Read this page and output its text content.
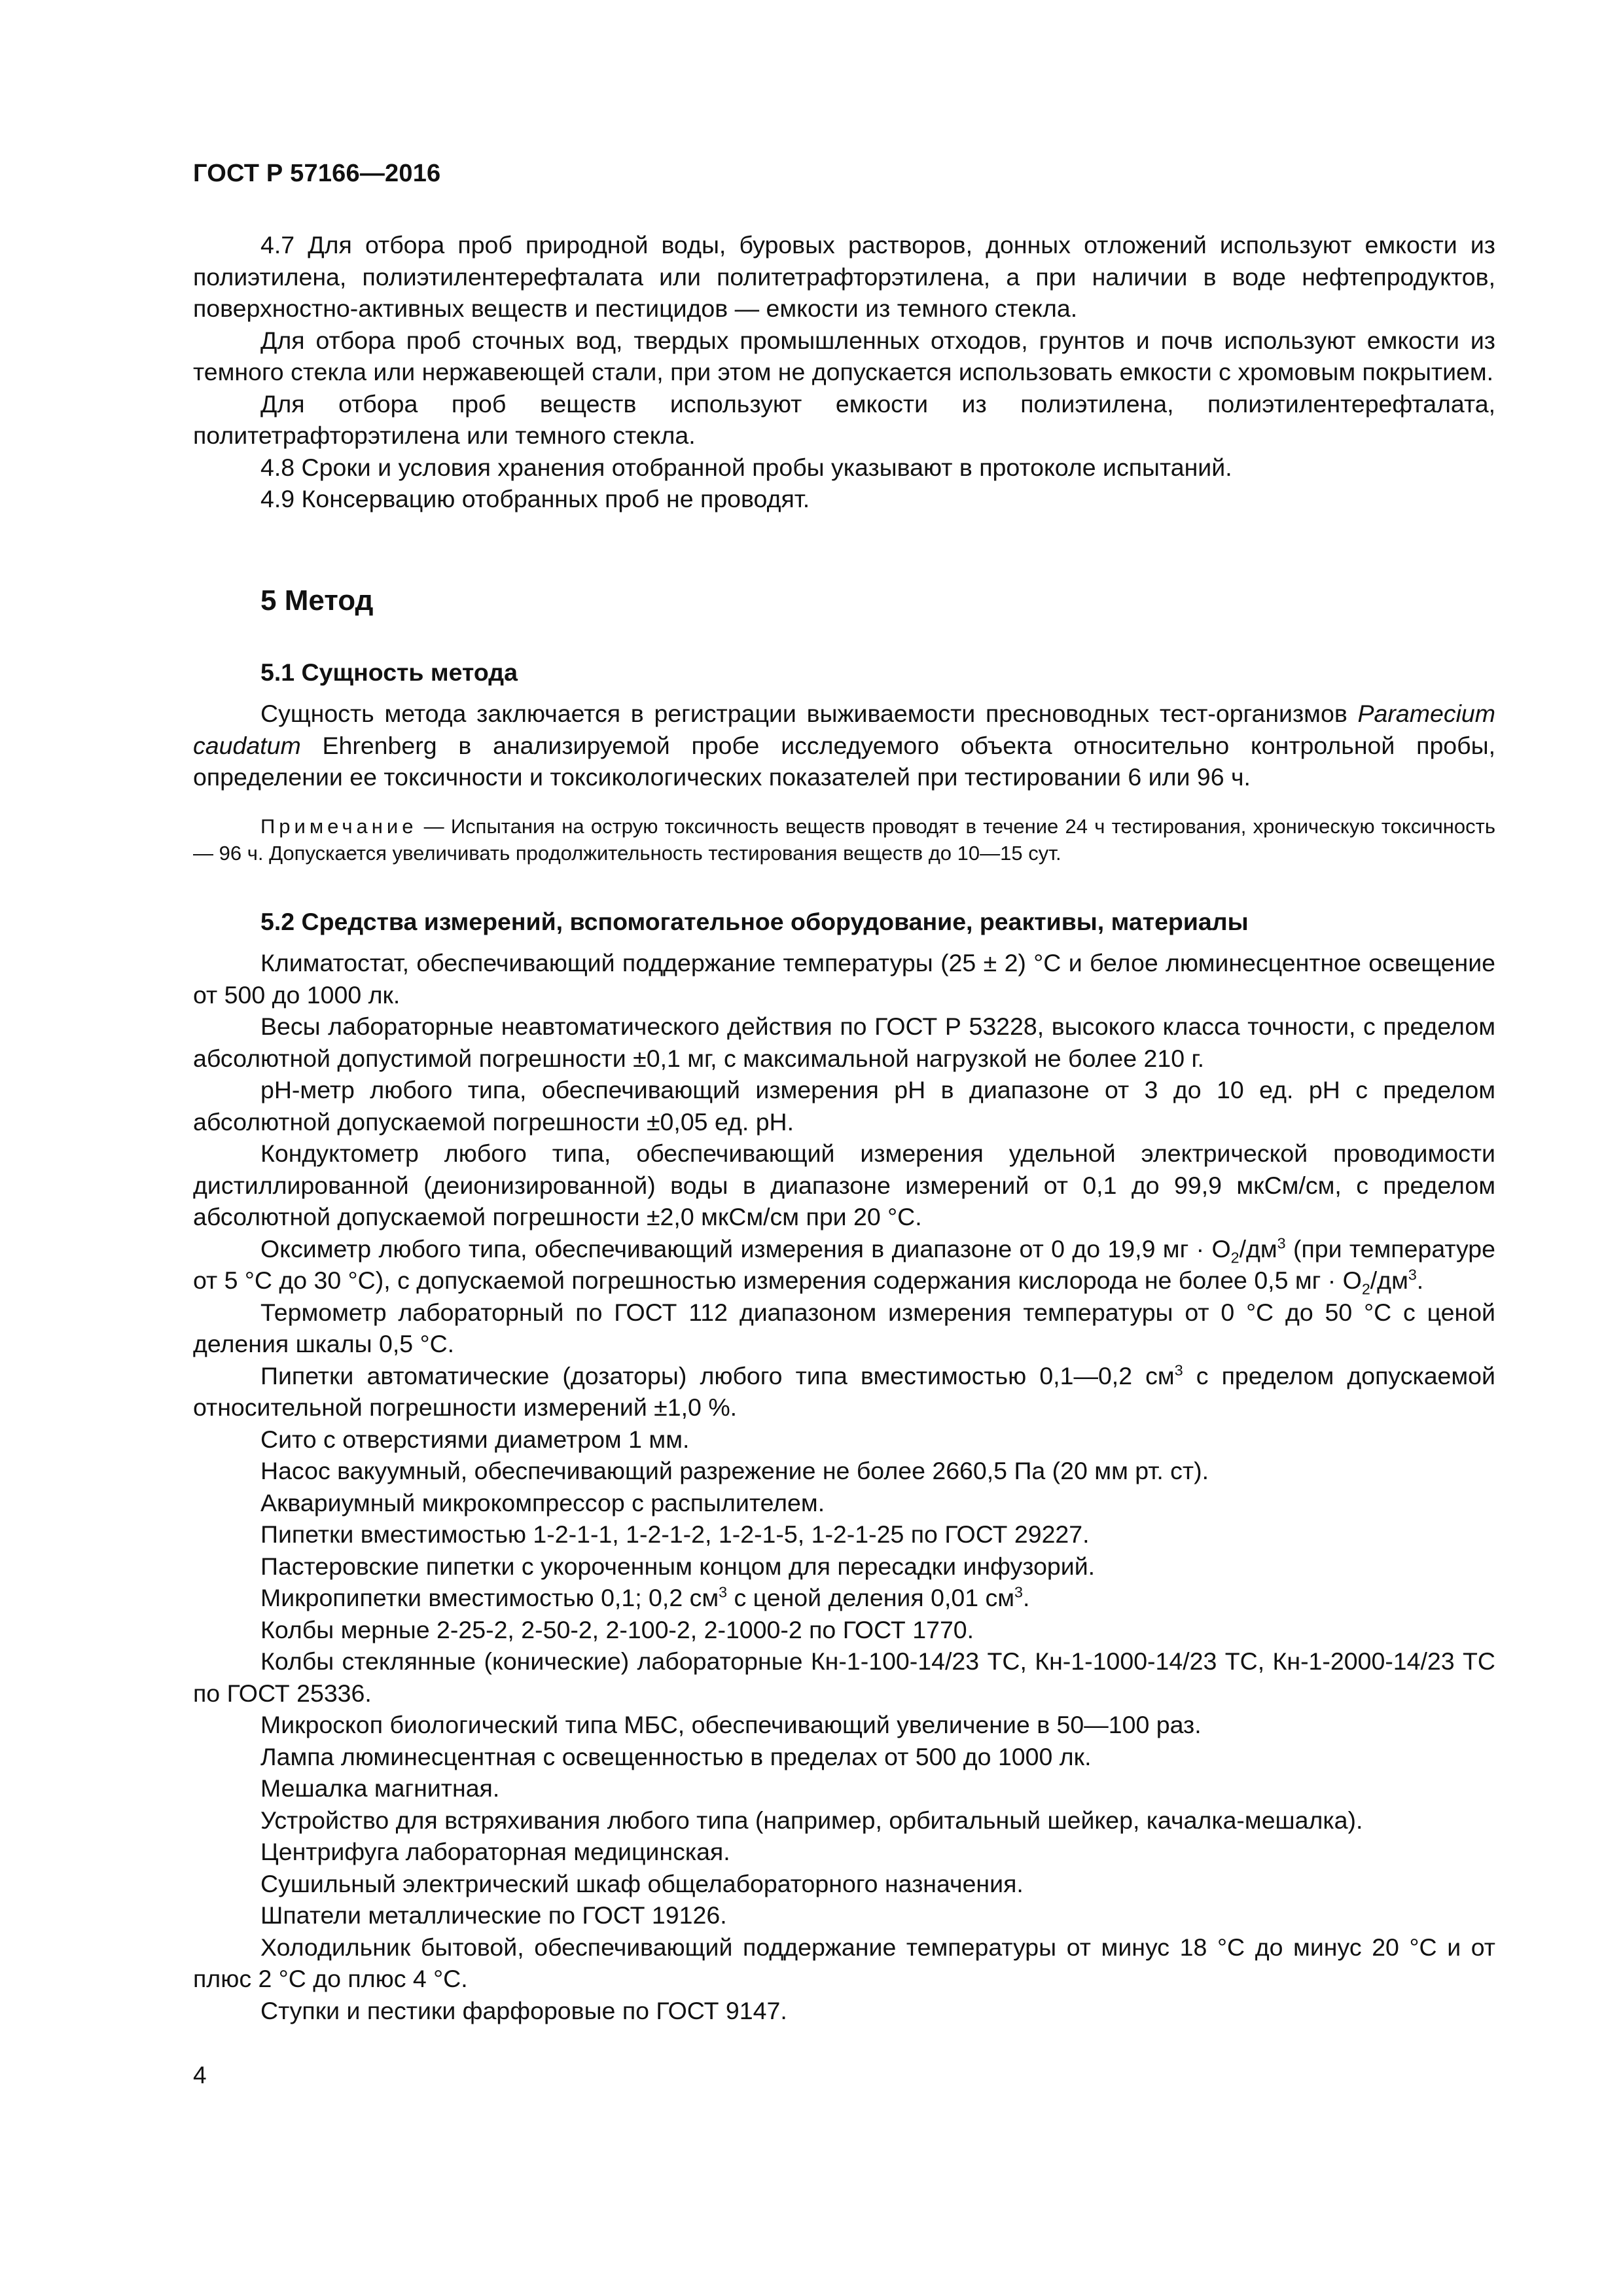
ГОСТ Р 57166—2016

4.7 Для отбора проб природной воды, буровых растворов, донных отложений используют емкости из полиэтилена, полиэтилентерефталата или политетрафторэтилена, а при наличии в воде нефтепродуктов, поверхностно-активных веществ и пестицидов — емкости из темного стекла.

Для отбора проб сточных вод, твердых промышленных отходов, грунтов и почв используют емкости из темного стекла или нержавеющей стали, при этом не допускается использовать емкости с хромовым покрытием.

Для отбора проб веществ используют емкости из полиэтилена, полиэтилентерефталата, политетрафторэтилена или темного стекла.

4.8 Сроки и условия хранения отобранной пробы указывают в протоколе испытаний.

4.9 Консервацию отобранных проб не проводят.

5 Метод
5.1 Сущность метода

Сущность метода заключается в регистрации выживаемости пресноводных тест-организмов Paramecium caudatum Ehrenberg в анализируемой пробе исследуемого объекта относительно контрольной пробы, определении ее токсичности и токсикологических показателей при тестировании 6 или 96 ч.

Примечание — Испытания на острую токсичность веществ проводят в течение 24 ч тестирования, хроническую токсичность — 96 ч. Допускается увеличивать продолжительность тестирования веществ до 10—15 сут.

5.2 Средства измерений, вспомогательное оборудование, реактивы, материалы

Климатостат, обеспечивающий поддержание температуры (25 ± 2) °С и белое люминесцентное освещение от 500 до 1000 лк.

Весы лабораторные неавтоматического действия по ГОСТ Р 53228, высокого класса точности, с пределом абсолютной допустимой погрешности ±0,1 мг, с максимальной нагрузкой не более 210 г.

рН-метр любого типа, обеспечивающий измерения рН в диапазоне от 3 до 10 ед. рН с пределом абсолютной допускаемой погрешности ±0,05 ед. рН.

Кондуктометр любого типа, обеспечивающий измерения удельной электрической проводимости дистиллированной (деионизированной) воды в диапазоне измерений от 0,1 до 99,9 мкСм/см, с пределом абсолютной допускаемой погрешности ±2,0 мкСм/см при 20 °С.

Оксиметр любого типа, обеспечивающий измерения в диапазоне от 0 до 19,9 мг · $O_2/дм^3$ (при температуре от 5 °С до 30 °С), с допускаемой погрешностью измерения содержания кислорода не более 0,5 мг · $O_2/дм^3$.

Термометр лабораторный по ГОСТ 112 диапазоном измерения температуры от 0 °С до 50 °С с ценой деления шкалы 0,5 °С.

Пипетки автоматические (дозаторы) любого типа вместимостью 0,1—0,2 $см^3$ с пределом допускаемой относительной погрешности измерений ±1,0 %.

Сито с отверстиями диаметром 1 мм.

Насос вакуумный, обеспечивающий разрежение не более 2660,5 Па (20 мм рт. ст).

Аквариумный микрокомпрессор с распылителем.

Пипетки вместимостью 1-2-1-1, 1-2-1-2, 1-2-1-5, 1-2-1-25 по ГОСТ 29227.

Пастеровские пипетки с укороченным концом для пересадки инфузорий.

Микропипетки вместимостью 0,1; 0,2 $см^3$ с ценой деления 0,01 $см^3$.

Колбы мерные 2-25-2, 2-50-2, 2-100-2, 2-1000-2 по ГОСТ 1770.

Колбы стеклянные (конические) лабораторные Кн-1-100-14/23 ТС, Кн-1-1000-14/23 ТС, Кн-1-2000-14/23 ТС по ГОСТ 25336.

Микроскоп биологический типа МБС, обеспечивающий увеличение в 50—100 раз.

Лампа люминесцентная с освещенностью в пределах от 500 до 1000 лк.

Мешалка магнитная.

Устройство для встряхивания любого типа (например, орбитальный шейкер, качалка-мешалка).

Центрифуга лабораторная медицинская.

Сушильный электрический шкаф общелабораторного назначения.

Шпатели металлические по ГОСТ 19126.

Холодильник бытовой, обеспечивающий поддержание температуры от минус 18 °С до минус 20 °С и от плюс 2 °С до плюс 4 °С.

Ступки и пестики фарфоровые по ГОСТ 9147.

4
